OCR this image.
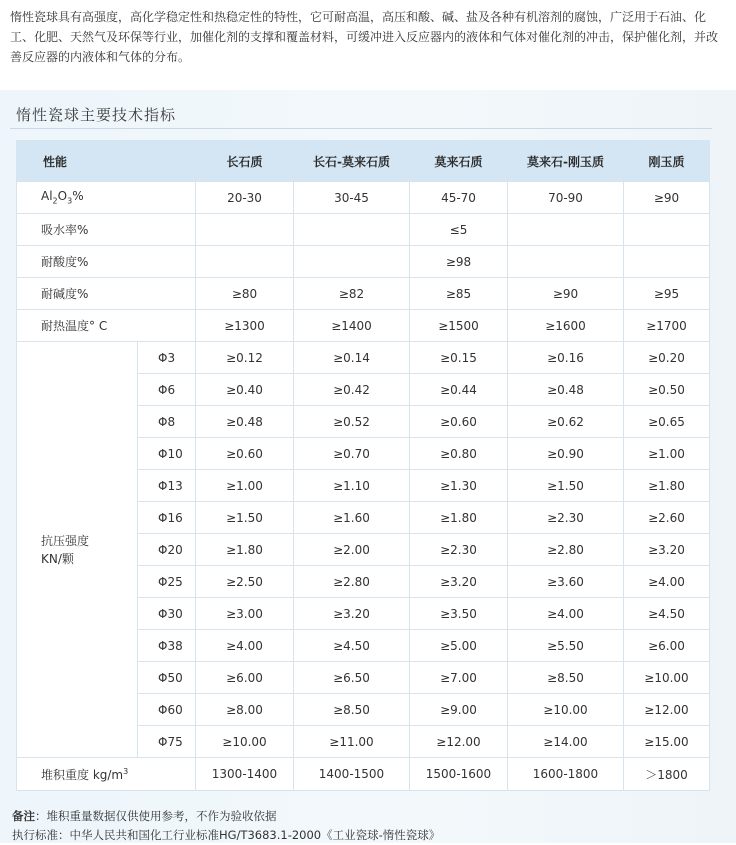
惰性瓷球具有高强度，高化学稳定性和热稳定性的特性，它可耐高温，高压和酸、碱、盐及各种有机溶剂的腐蚀，广泛用于石油、化工、化肥、天然气及环保等行业，加催化剂的支撑和覆盖材料，可缓冲进入反应器内的液体和气体对催化剂的冲击，保护催化剂，并改善反应器的内液体和气体的分布。
惰性瓷球主要技术指标
性能		长石质	长石-莫来石质	莫来石质	莫来石-刚玉质	刚玉质
$Al_2O_3\%$		20-30	30-45	45-70	70-90	≥90
吸水率%				≤5		
耐酸度%				≥98		
耐碱度%		≥80	≥82	≥85	≥90	≥95
耐热温度° C		≥1300	≥1400	≥1500	≥1600	≥1700
抗压强度
KN/颗	Φ3	≥0.12	≥0.14	≥0.15	≥0.16	≥0.20
	Φ6	≥0.40	≥0.42	≥0.44	≥0.48	≥0.50
	Φ8	≥0.48	≥0.52	≥0.60	≥0.62	≥0.65
	Φ10	≥0.60	≥0.70	≥0.80	≥0.90	≥1.00
	Φ13	≥1.00	≥1.10	≥1.30	≥1.50	≥1.80
	Φ16	≥1.50	≥1.60	≥1.80	≥2.30	≥2.60
	Φ20	≥1.80	≥2.00	≥2.30	≥2.80	≥3.20
	Φ25	≥2.50	≥2.80	≥3.20	≥3.60	≥4.00
	Φ30	≥3.00	≥3.20	≥3.50	≥4.00	≥4.50
	Φ38	≥4.00	≥4.50	≥5.00	≥5.50	≥6.00
	Φ50	≥6.00	≥6.50	≥7.00	≥8.50	≥10.00
	Φ60	≥8.00	≥8.50	≥9.00	≥10.00	≥12.00
	Φ75	≥10.00	≥11.00	≥12.00	≥14.00	≥15.00
堆积重度 $kg/m^3$		1300-1400	1400-1500	1500-1600	1600-1800	＞1800
备注：堆积重量数据仅供使用参考，不作为验收依据
执行标准：中华人民共和国化工行业标准HG/T3683.1-2000《工业瓷球-惰性瓷球》
